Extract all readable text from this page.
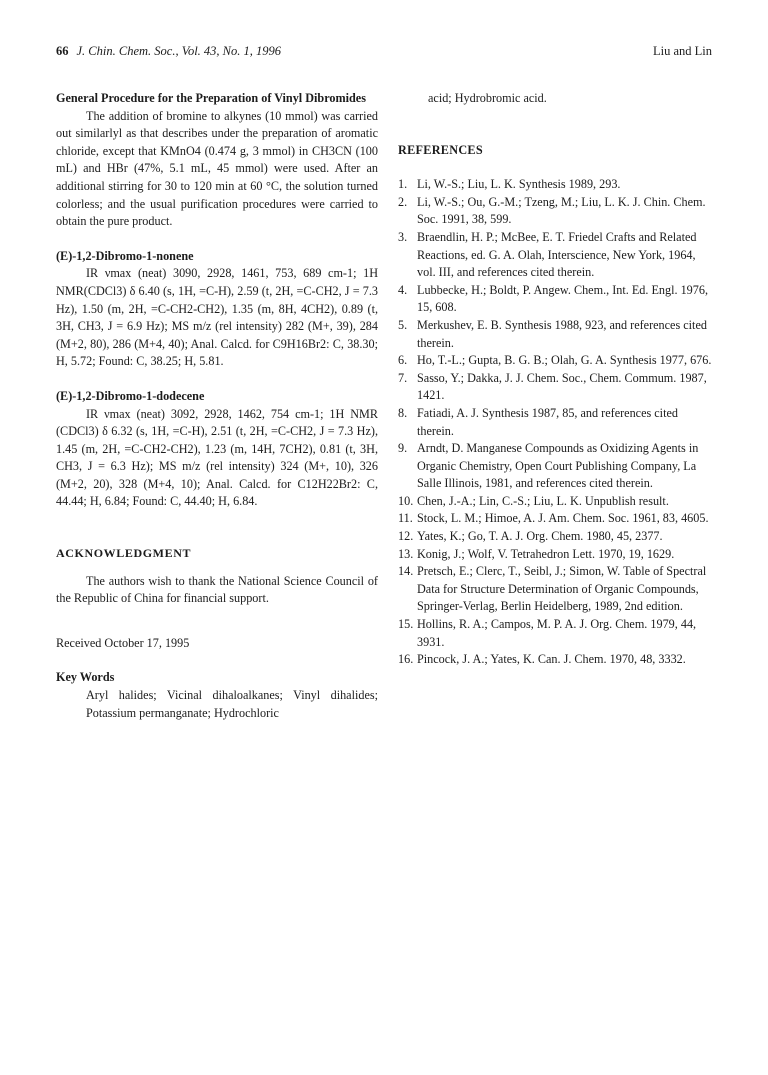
66 J. Chin. Chem. Soc., Vol. 43, No. 1, 1996	Liu and Lin

General Procedure for the Preparation of Vinyl Dibromides

The addition of bromine to alkynes (10 mmol) was carried out similarlyl as that describes under the preparation of aromatic chloride, except that KMnO4 (0.474 g, 3 mmol) in CH3CN (100 mL) and HBr (47%, 5.1 mL, 45 mmol) were used. After an additional stirring for 30 to 120 min at 60 °C, the solution turned colorless; and the usual purification procedures were carried to obtain the pure product.

(E)-1,2-Dibromo-1-nonene

IR νmax (neat) 3090, 2928, 1461, 753, 689 cm-1; 1H NMR(CDCl3) δ 6.40 (s, 1H, =C-H), 2.59 (t, 2H, =C-CH2, J = 7.3 Hz), 1.50 (m, 2H, =C-CH2-CH2), 1.35 (m, 8H, 4CH2), 0.89 (t, 3H, CH3, J = 6.9 Hz); MS m/z (rel intensity) 282 (M+, 39), 284 (M+2, 80), 286 (M+4, 40); Anal. Calcd. for C9H16Br2: C, 38.30; H, 5.72; Found: C, 38.25; H, 5.81.

(E)-1,2-Dibromo-1-dodecene

IR νmax (neat) 3092, 2928, 1462, 754 cm-1; 1H NMR (CDCl3) δ 6.32 (s, 1H, =C-H), 2.51 (t, 2H, =C-CH2, J = 7.3 Hz), 1.45 (m, 2H, =C-CH2-CH2), 1.23 (m, 14H, 7CH2), 0.81 (t, 3H, CH3, J = 6.3 Hz); MS m/z (rel intensity) 324 (M+, 10), 326 (M+2, 20), 328 (M+4, 10); Anal. Calcd. for C12H22Br2: C, 44.44; H, 6.84; Found: C, 44.40; H, 6.84.

ACKNOWLEDGMENT

The authors wish to thank the National Science Council of the Republic of China for financial support.

Received October 17, 1995

Key Words

Aryl halides; Vicinal dihaloalkanes; Vinyl dihalides; Potassium permanganate; Hydrochloric

acid; Hydrobromic acid.

REFERENCES

1. Li, W.-S.; Liu, L. K. Synthesis 1989, 293.
2. Li, W.-S.; Ou, G.-M.; Tzeng, M.; Liu, L. K. J. Chin. Chem. Soc. 1991, 38, 599.
3. Braendlin, H. P.; McBee, E. T. Friedel Crafts and Related Reactions, ed. G. A. Olah, Interscience, New York, 1964, vol. III, and references cited therein.
4. Lubbecke, H.; Boldt, P. Angew. Chem., Int. Ed. Engl. 1976, 15, 608.
5. Merkushev, E. B. Synthesis 1988, 923, and references cited therein.
6. Ho, T.-L.; Gupta, B. G. B.; Olah, G. A. Synthesis 1977, 676.
7. Sasso, Y.; Dakka, J. J. Chem. Soc., Chem. Commum. 1987, 1421.
8. Fatiadi, A. J. Synthesis 1987, 85, and references cited therein.
9. Arndt, D. Manganese Compounds as Oxidizing Agents in Organic Chemistry, Open Court Publishing Company, La Salle Illinois, 1981, and references cited therein.
10. Chen, J.-A.; Lin, C.-S.; Liu, L. K. Unpublish result.
11. Stock, L. M.; Himoe, A. J. Am. Chem. Soc. 1961, 83, 4605.
12. Yates, K.; Go, T. A. J. Org. Chem. 1980, 45, 2377.
13. Konig, J.; Wolf, V. Tetrahedron Lett. 1970, 19, 1629.
14. Pretsch, E.; Clerc, T., Seibl, J.; Simon, W. Table of Spectral Data for Structure Determination of Organic Compounds, Springer-Verlag, Berlin Heidelberg, 1989, 2nd edition.
15. Hollins, R. A.; Campos, M. P. A. J. Org. Chem. 1979, 44, 3931.
16. Pincock, J. A.; Yates, K. Can. J. Chem. 1970, 48, 3332.
